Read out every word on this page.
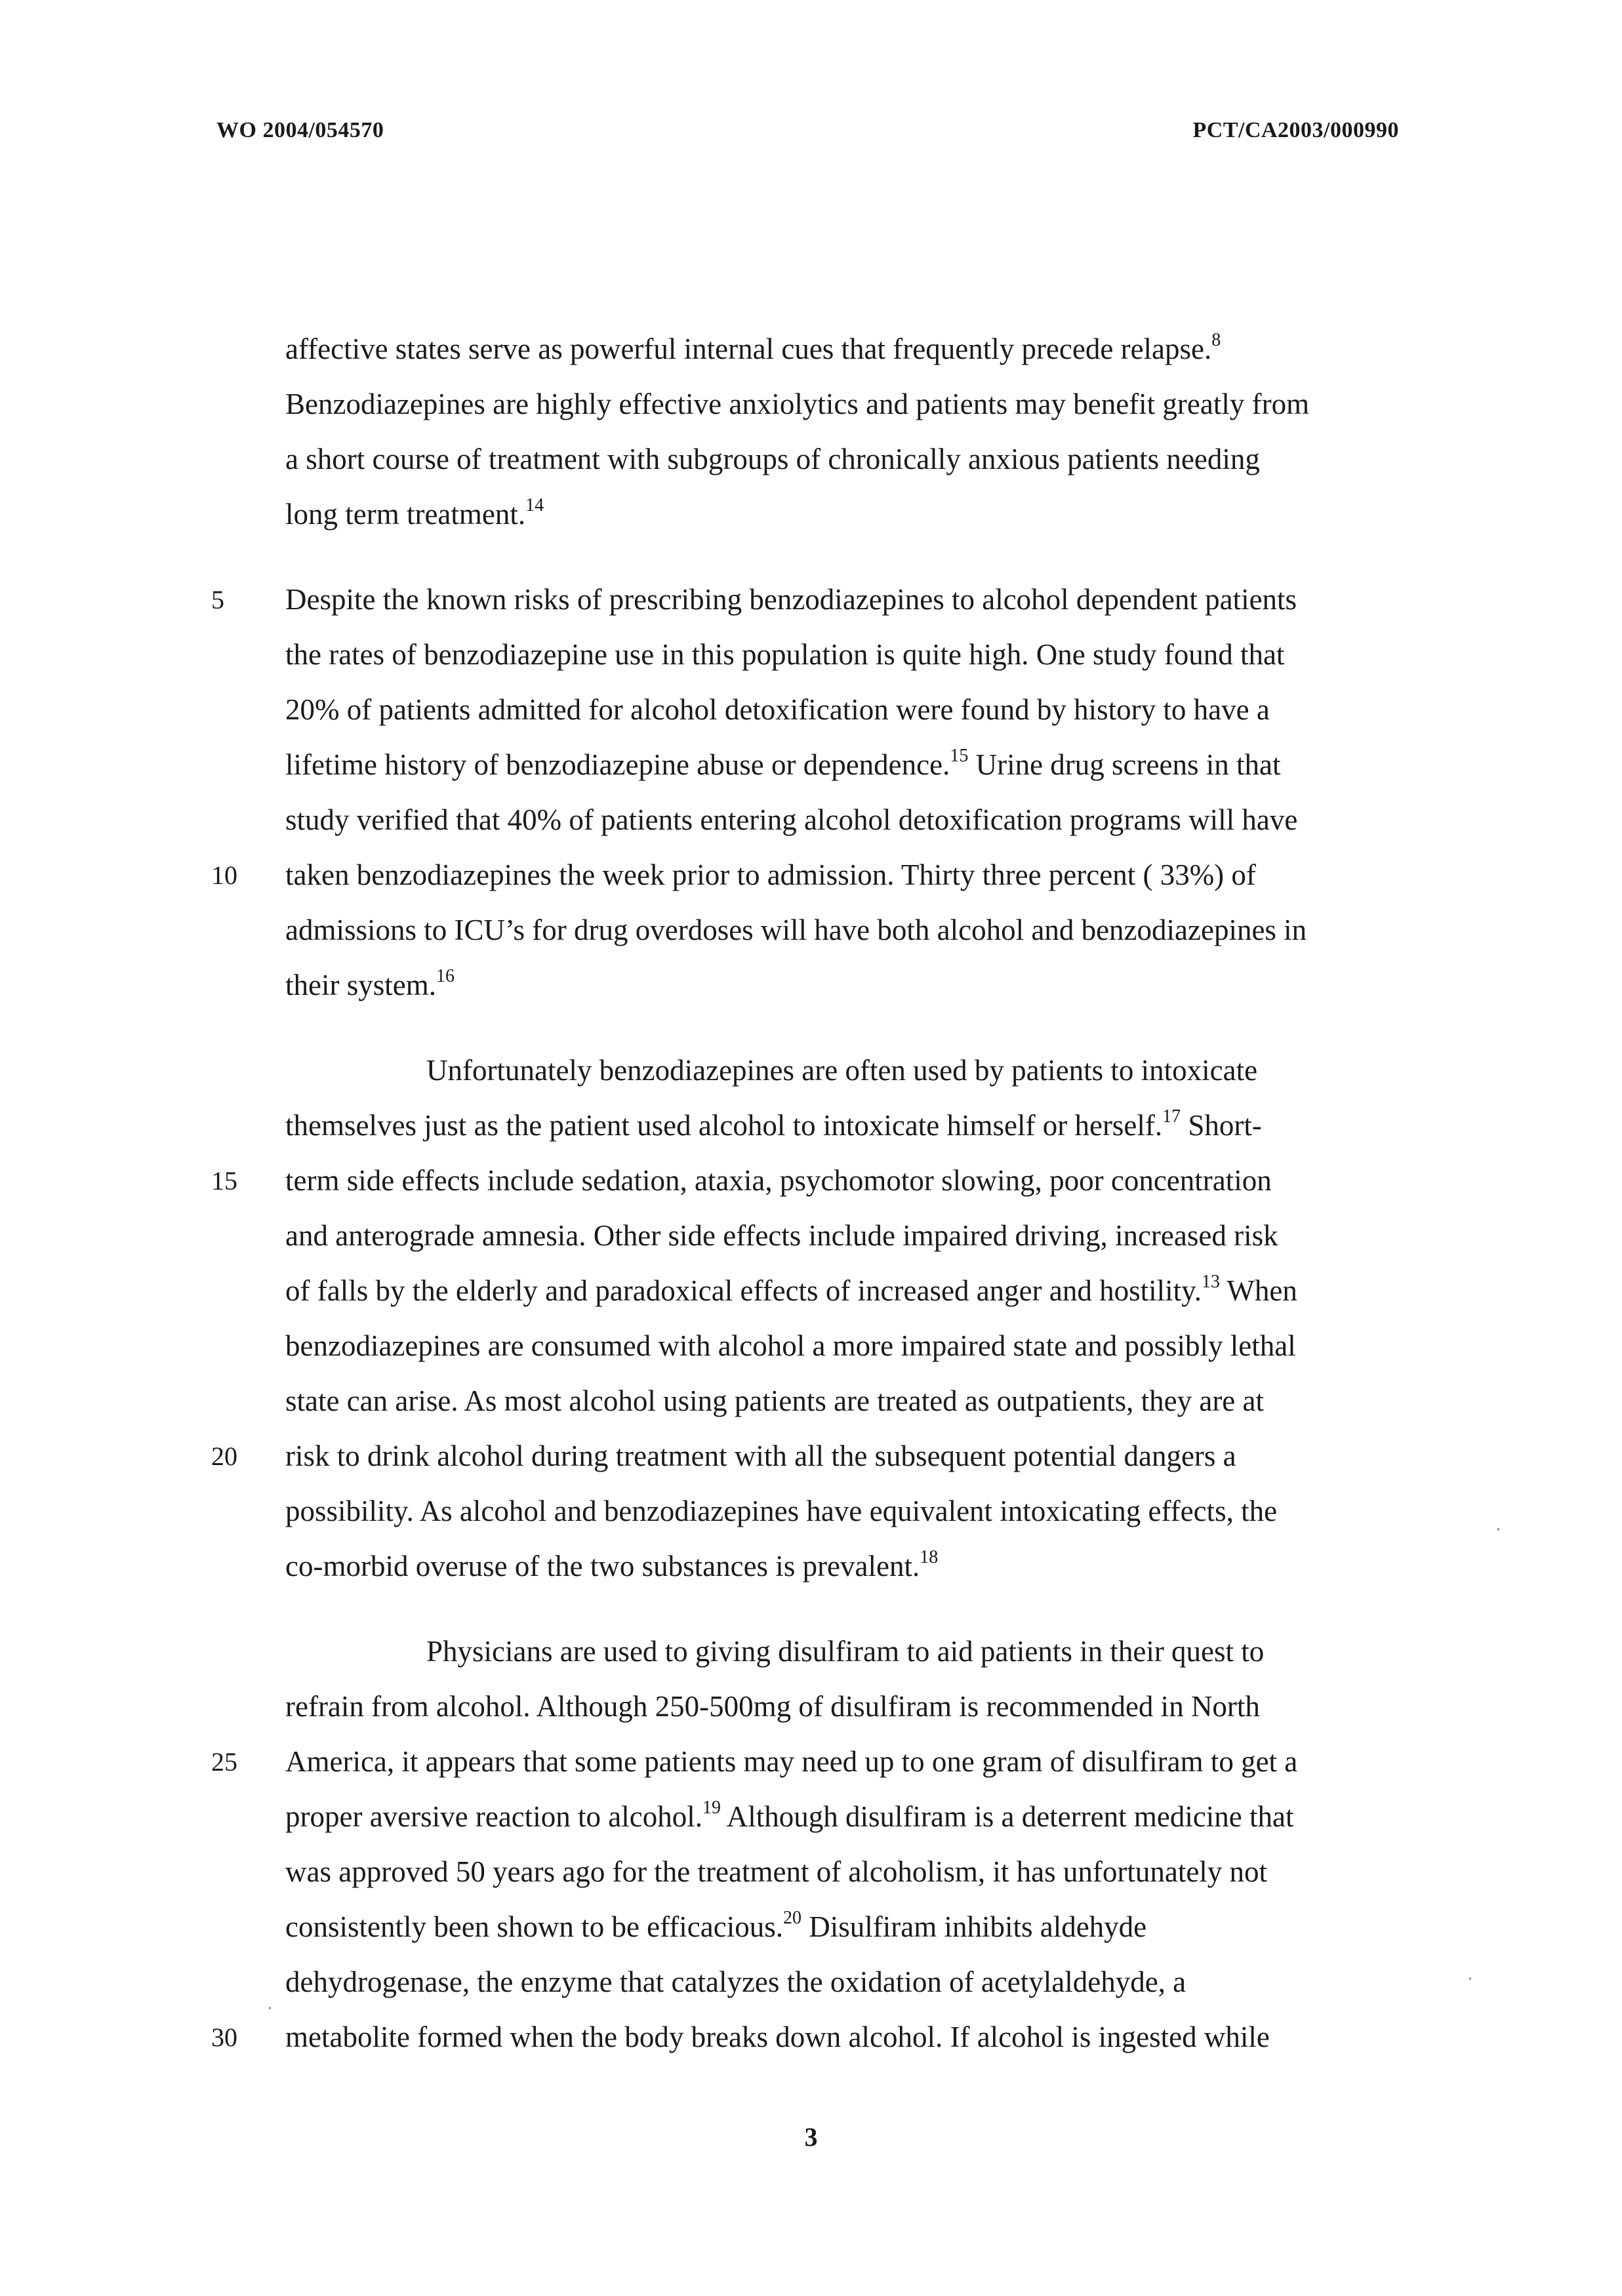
WO 2004/054570	PCT/CA2003/000990
affective states serve as powerful internal cues that frequently precede relapse.$^8$
Benzodiazepines are highly effective anxiolytics and patients may benefit greatly from
a short course of treatment with subgroups of chronically anxious patients needing
long term treatment.$^{14}$
Despite the known risks of prescribing benzodiazepines to alcohol dependent patients
the rates of benzodiazepine use in this population is quite high. One study found that
20% of patients admitted for alcohol detoxification were found by history to have a
lifetime history of benzodiazepine abuse or dependence.$^{15}$ Urine drug screens in that
study verified that 40% of patients entering alcohol detoxification programs will have
taken benzodiazepines the week prior to admission. Thirty three percent ( 33%) of
admissions to ICU’s for drug overdoses will have both alcohol and benzodiazepines in
their system.$^{16}$
Unfortunately benzodiazepines are often used by patients to intoxicate
themselves just as the patient used alcohol to intoxicate himself or herself.$^{17}$ Short-
term side effects include sedation, ataxia, psychomotor slowing, poor concentration
and anterograde amnesia. Other side effects include impaired driving, increased risk
of falls by the elderly and paradoxical effects of increased anger and hostility.$^{13}$ When
benzodiazepines are consumed with alcohol a more impaired state and possibly lethal
state can arise. As most alcohol using patients are treated as outpatients, they are at
risk to drink alcohol during treatment with all the subsequent potential dangers a
possibility. As alcohol and benzodiazepines have equivalent intoxicating effects, the
co-morbid overuse of the two substances is prevalent.$^{18}$
Physicians are used to giving disulfiram to aid patients in their quest to
refrain from alcohol. Although 250-500mg of disulfiram is recommended in North
America, it appears that some patients may need up to one gram of disulfiram to get a
proper aversive reaction to alcohol.$^{19}$ Although disulfiram is a deterrent medicine that
was approved 50 years ago for the treatment of alcoholism, it has unfortunately not
consistently been shown to be efficacious.$^{20}$ Disulfiram inhibits aldehyde
dehydrogenase, the enzyme that catalyzes the oxidation of acetylaldehyde, a
metabolite formed when the body breaks down alcohol. If alcohol is ingested while
5
10
15
20
25
30
3
